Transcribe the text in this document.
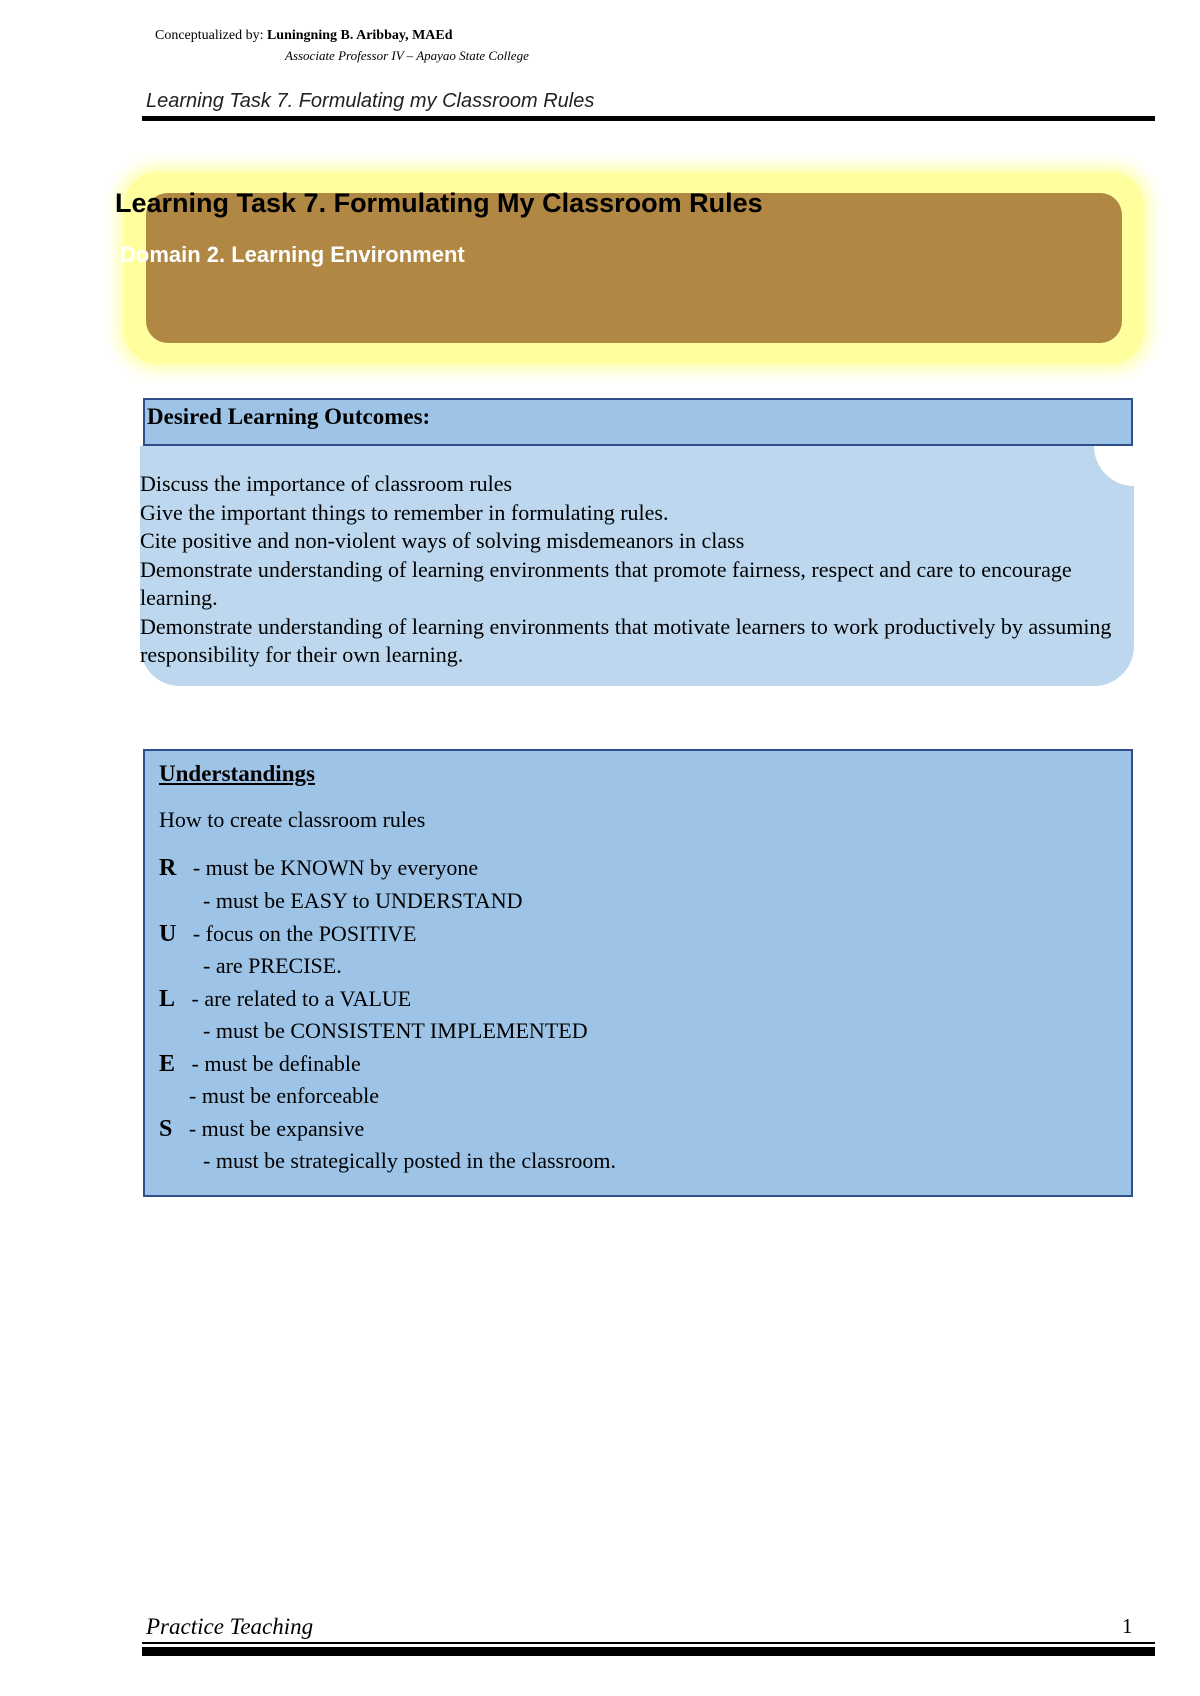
Conceptualized by: Luningning B. Aribbay, MAEd
Associate Professor IV – Apayao State College
Learning Task 7. Formulating my Classroom Rules
Learning Task 7. Formulating My Classroom Rules
Domain 2. Learning Environment
Desired Learning Outcomes:
Discuss the importance of classroom rules
Give the important things to remember in formulating rules.
Cite positive and non-violent ways of solving misdemeanors in class
Demonstrate understanding of learning environments that promote fairness, respect and care to encourage learning.
Demonstrate understanding of learning environments that motivate learners to work productively by assuming responsibility for their own learning.
Understandings
How to create classroom rules
R - must be KNOWN by everyone
- must be EASY to UNDERSTAND
U - focus on the POSITIVE
- are PRECISE.
L - are related to a VALUE
- must be CONSISTENT IMPLEMENTED
E - must be definable
- must be enforceable
S - must be expansive
- must be strategically posted in the classroom.
Practice Teaching	1
